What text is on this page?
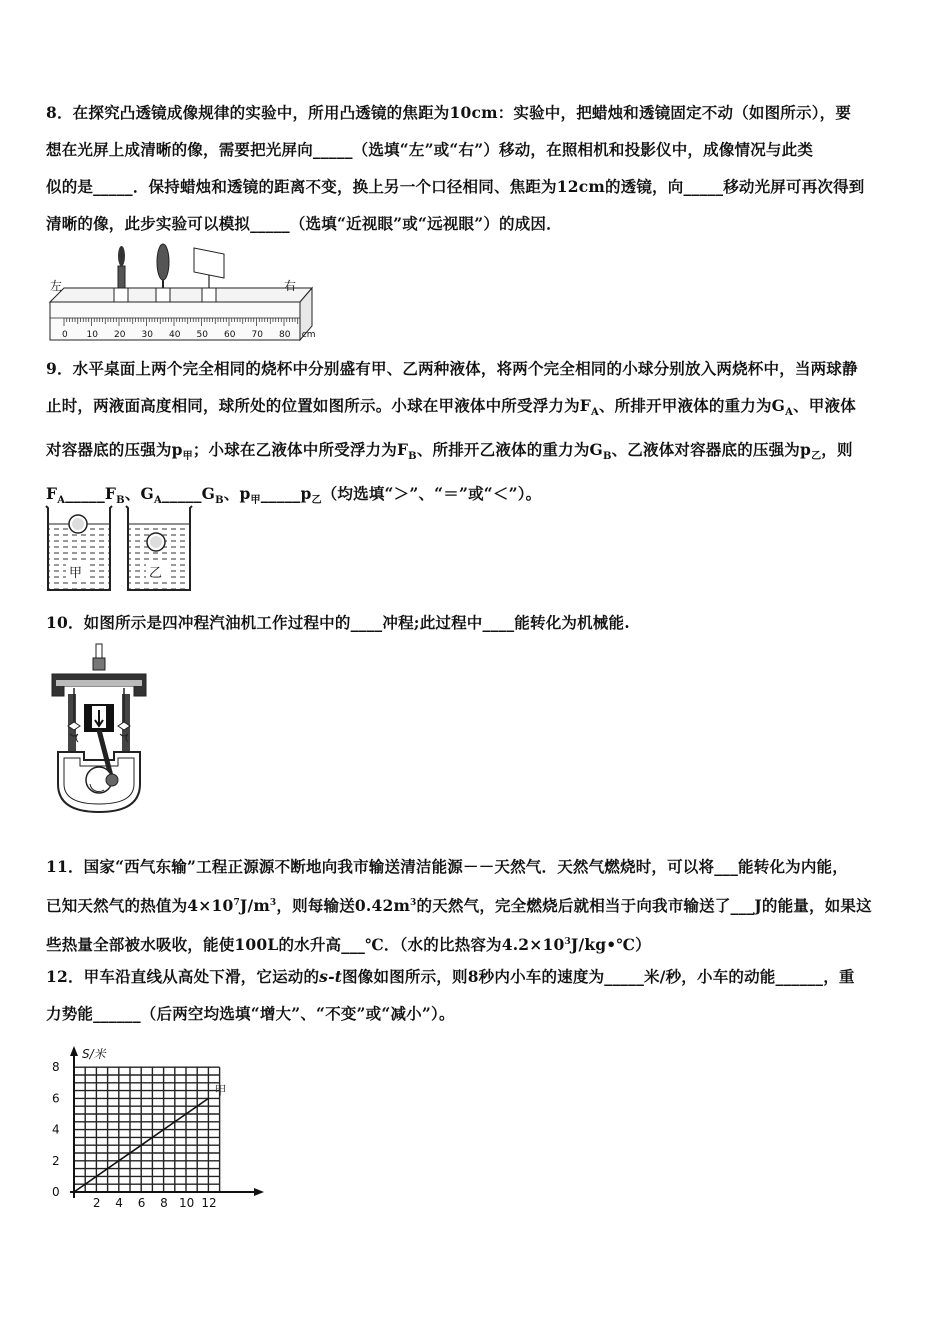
8．在探究凸透镜成像规律的实验中，所用凸透镜的焦距为10cm：实验中，把蜡烛和透镜固定不动（如图所示），要
想在光屏上成清晰的像，需要把光屏向_____（选填“左”或“右”）移动，在照相机和投影仪中，成像情况与此类
似的是_____．保持蜡烛和透镜的距离不变，换上另一个口径相同、焦距为12cm的透镜，向_____移动光屏可再次得到
清晰的像，此步实验可以模拟_____（选填“近视眼”或“远视眼”）的成因．
左	右
0 10 20 30 40 50 60 70 80 cm
9．水平桌面上两个完全相同的烧杯中分别盛有甲、乙两种液体，将两个完全相同的小球分别放入两烧杯中，当两球静
止时，两液面高度相同，球所处的位置如图所示。小球在甲液体中所受浮力为$F_A$、所排开甲液体的重力为$G_A$、甲液体
对容器底的压强为$p_甲$；小球在乙液体中所受浮力为$F_B$、所排开乙液体的重力为$G_B$、乙液体对容器底的压强为$p_乙$，则
$F_A\_\_\_\_\_F_B$、$G_A\_\_\_\_\_G_B$、$p_甲\_\_\_\_\_p_乙$（均选填“＞”、“＝”或“＜”）。
甲	乙
10．如图所示是四冲程汽油机工作过程中的____冲程;此过程中____能转化为机械能.
11．国家“西气东输”工程正源源不断地向我市输送清洁能源－－天然气．天然气燃烧时，可以将___能转化为内能，
已知天然气的热值为$4\times 10^7J/m^3$，则每输送$0.42m^3$的天然气，完全燃烧后就相当于向我市输送了___J的能量，如果这
些热量全部被水吸收，能使100L的水升高___℃．（水的比热容为$4.2\times 10^3J/kg•℃$）
12．甲车沿直线从高处下滑，它运动的s-t图像如图所示，则8秒内小车的速度为_____米/秒，小车的动能______，重
力势能______（后两空均选填“增大”、“不变”或“减小”）。
甲
2 4 6 8 10 12
0
2
4
6
8
S/米
